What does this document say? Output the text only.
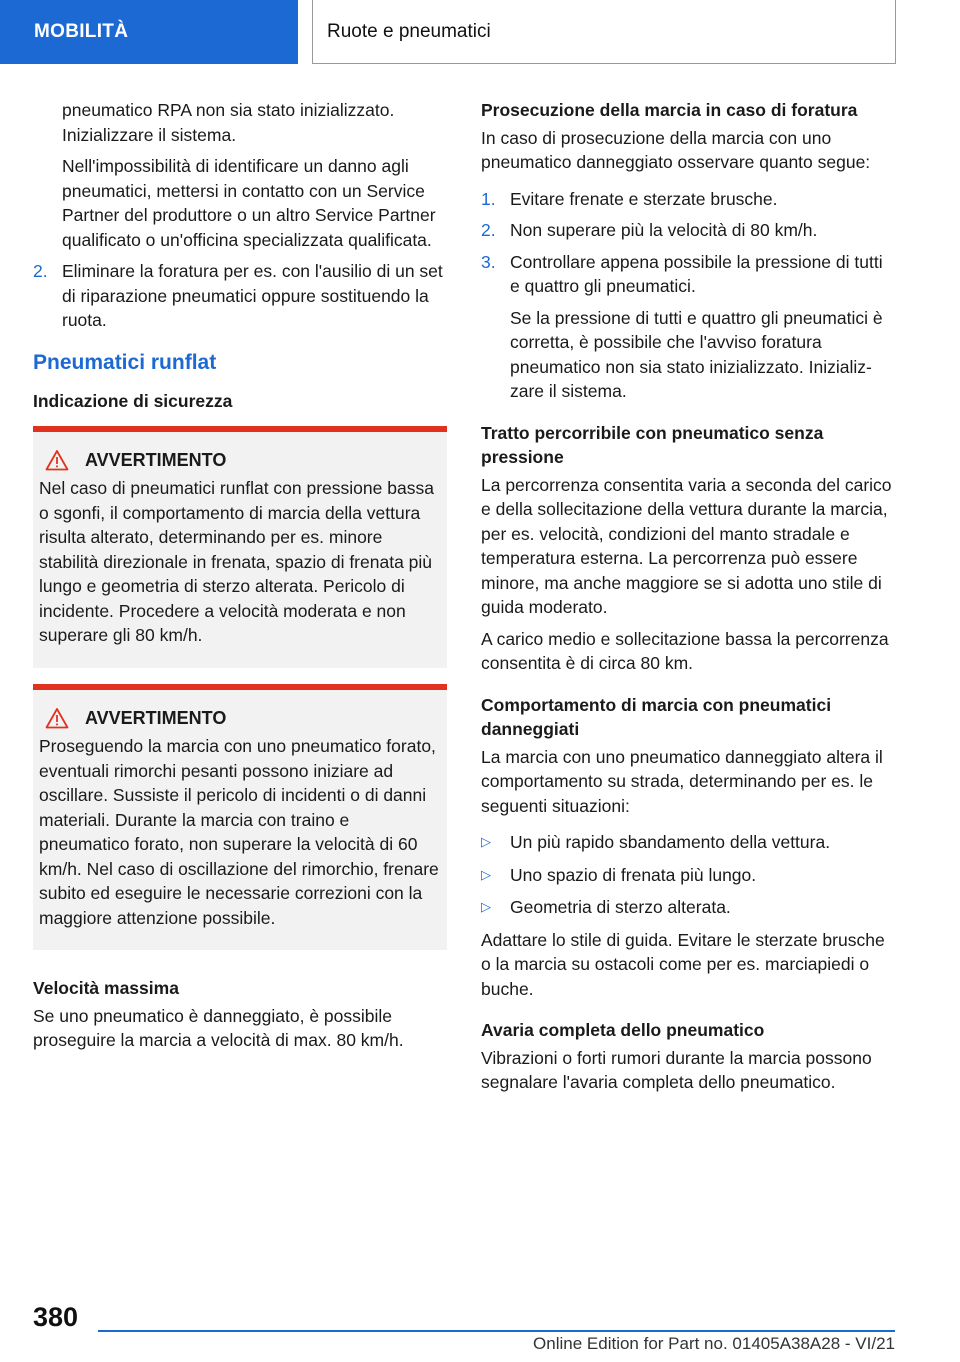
MOBILITÀ	Ruote e pneumatici

pneumatico RPA non sia stato inizializzato. Inizializzare il sistema.

Nell'impossibilità di identificare un danno agli pneumatici, mettersi in contatto con un Service Partner del produttore o un altro Service Partner qualificato o un'officina specializzata qualificata.

2. Eliminare la foratura per es. con l'ausilio di un set di riparazione pneumatici oppure sostituendo la ruota.
Pneumatici runflat
Indicazione di sicurezza
AVVERTIMENTO

Nel caso di pneumatici runflat con pressione bassa o sgonfi, il comportamento di marcia della vettura risulta alterato, determinando per es. minore stabilità direzionale in frenata, spazio di frenata più lungo e geometria di sterzo alterata. Pericolo di incidente. Procedere a velocità moderata e non superare gli 80 km/h.

AVVERTIMENTO

Proseguendo la marcia con uno pneumatico forato, eventuali rimorchi pesanti possono iniziare ad oscillare. Sussiste il pericolo di incidenti o di danni materiali. Durante la marcia con traino e pneumatico forato, non superare la velocità di 60 km/h. Nel caso di oscillazione del rimorchio, frenare subito ed eseguire le necessarie correzioni con la maggiore attenzione possibile.

Velocità massima

Se uno pneumatico è danneggiato, è possibile proseguire la marcia a velocità di max. 80 km/h.

Prosecuzione della marcia in caso di foratura

In caso di prosecuzione della marcia con uno pneumatico danneggiato osservare quanto segue:

1. Evitare frenate e sterzate brusche.
2. Non superare più la velocità di 80 km/h.
3. Controllare appena possibile la pressione di tutti e quattro gli pneumatici.

Se la pressione di tutti e quattro gli pneumatici è corretta, è possibile che l'avviso foratura pneumatico non sia stato inizializzato. Inizializzare il sistema.

Tratto percorribile con pneumatico senza pressione

La percorrenza consentita varia a seconda del carico e della sollecitazione della vettura durante la marcia, per es. velocità, condizioni del manto stradale e temperatura esterna. La percorrenza può essere minore, ma anche maggiore se si adotta uno stile di guida moderato.

A carico medio e sollecitazione bassa la percorrenza consentita è di circa 80 km.

Comportamento di marcia con pneumatici danneggiati

La marcia con uno pneumatico danneggiato altera il comportamento su strada, determinando per es. le seguenti situazioni:

▷	Un più rapido sbandamento della vettura.
▷	Uno spazio di frenata più lungo.
▷	Geometria di sterzo alterata.

Adattare lo stile di guida. Evitare le sterzate brusche o la marcia su ostacoli come per es. marciapiedi o buche.

Avaria completa dello pneumatico

Vibrazioni o forti rumori durante la marcia possono segnalare l'avaria completa dello pneumatico.

380
Online Edition for Part no. 01405A38A28 - VI/21
